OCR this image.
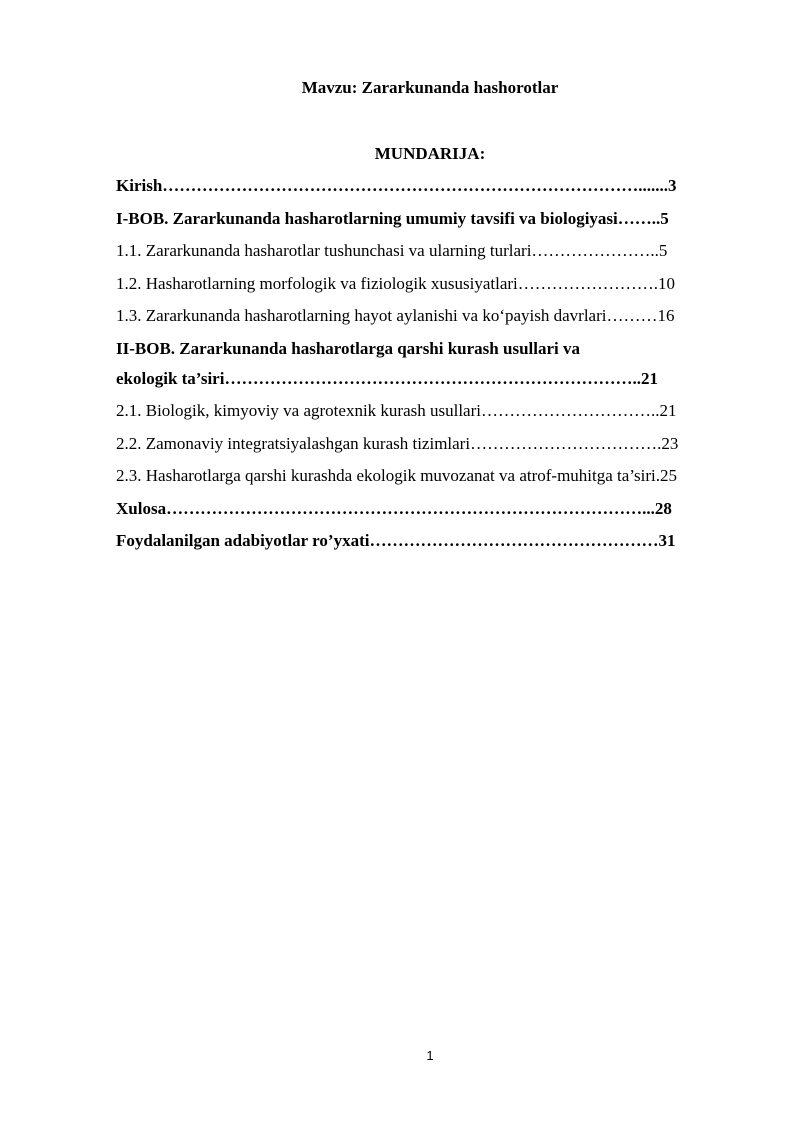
Mavzu: Zararkunanda hashorotlar
MUNDARIJA:
Kirish………………………………………………………………………….......3
I-BOB. Zararkunanda hasharotlarning umumiy tavsifi va biologiyasi……..5
1.1. Zararkunanda hasharotlar tushunchasi va ularning turlari…………………..5
1.2. Hasharotlarning morfologik va fiziologik xususiyatlari…………………….10
1.3. Zararkunanda hasharotlarning hayot aylanishi va ko‘payish davrlari………16
II-BOB. Zararkunanda hasharotlarga qarshi kurash usullari va
ekologik ta’siri………………………………………………………………..21
2.1. Biologik, kimyoviy va agrotexnik kurash usullari…………………………..21
2.2. Zamonaviy integratsiyalashgan kurash tizimlari…………………………….23
2.3. Hasharotlarga qarshi kurashda ekologik muvozanat va atrof-muhitga ta’siri.25
Xulosa…………………………………………………………………………...28
Foydalanilgan adabiyotlar ro’yxati……………………………………………31
1
